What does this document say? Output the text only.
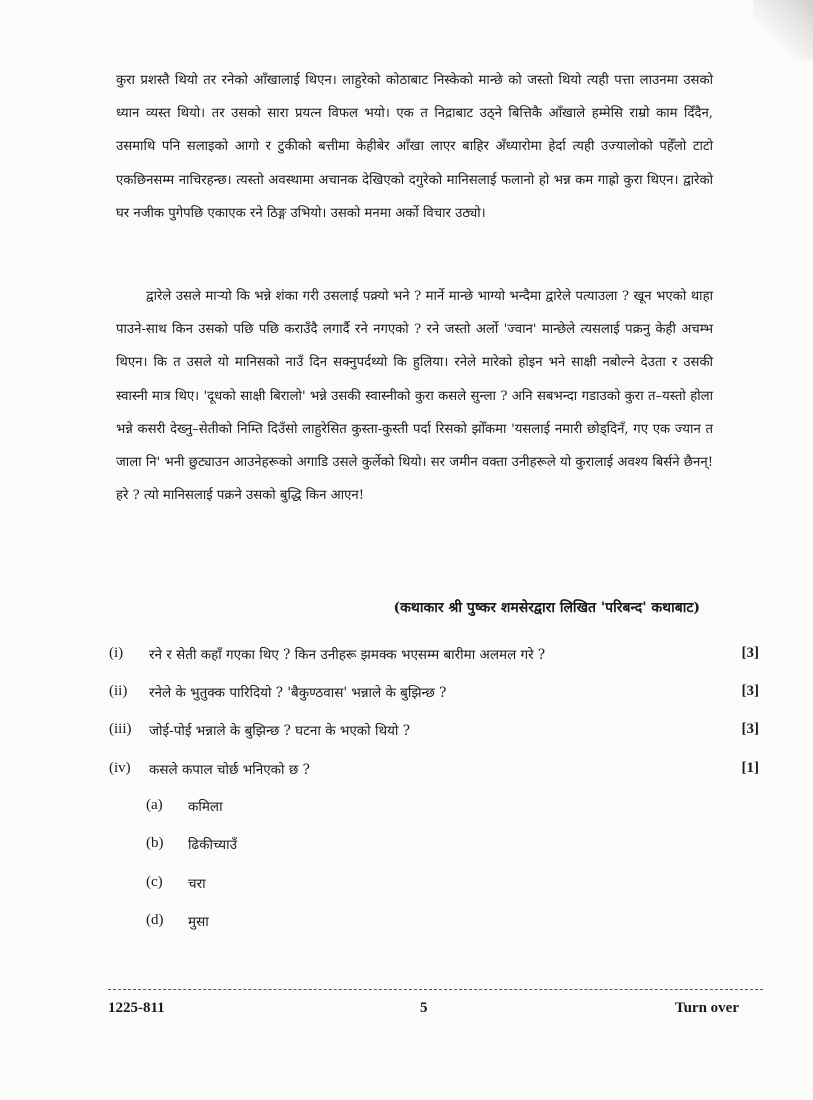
कुरा प्रशस्तै थियो तर रनेको आँखालाई थिएन। लाहुरेको कोठाबाट निस्केको मान्छे को जस्तो थियो त्यही पत्ता लाउनमा उसको ध्यान व्यस्त थियो। तर उसको सारा प्रयत्न विफल भयो। एक त निद्राबाट उठ्ने बित्तिकै आँखाले हम्मेसि राम्रो काम दिँदैन, उसमाथि पनि सलाइको आगो र टुकीको बत्तीमा केहीबेर आँखा लाएर बाहिर अँध्यारोमा हेर्दा त्यही उज्यालोको पहेँलो टाटो एकछिनसम्म नाचिरहन्छ। त्यस्तो अवस्थामा अचानक देखिएको दगुरेको मानिसलाई फलानो हो भन्न कम गाह्रो कुरा थिएन। द्वारेको घर नजीक पुगेपछि एकाएक रने ठिङ्ग उभियो। उसको मनमा अर्को विचार उठ्यो।
द्वारेले उसले मार्‍यो कि भन्ने शंका गरी उसलाई पक्र्यो भने ? मार्ने मान्छे भाग्यो भन्दैमा द्वारेले पत्याउला ? खून भएको थाहा पाउने-साथ किन उसको पछि पछि कराउँदै लगार्दै रने नगएको ? रने जस्तो अर्लो 'ज्वान' मान्छेले त्यसलाई पक्रनु केही अचम्भ थिएन। कि त उसले यो मानिसको नाउँ दिन सक्नुपर्दथ्यो कि हुलिया। रनेले मारेको होइन भने साक्षी नबोल्ने देउता र उसकी स्वास्नी मात्र थिए। 'दूधको साक्षी बिरालो' भन्ने उसकी स्वास्नीको कुरा कसले सुन्ला ? अनि सबभन्दा गडाउको कुरा त–यस्तो होला भन्ने कसरी देख्नु–सेतीको निम्ति दिउँसो लाहुरेसित कुस्ता-कुस्ती पर्दा रिसको झोँकमा 'यसलाई नमारी छोड्दिनँ, गए एक ज्यान त जाला नि' भनी छुट्याउन आउनेहरूको अगाडि उसले कुर्लेको थियो। सर जमीन वक्ता उनीहरूले यो कुरालाई अवश्य बिर्सने छैनन्! हरे ? त्यो मानिसलाई पक्रने उसको बुद्धि किन आएन!
(कथाकार श्री पुष्कर शमसेरद्वारा लिखित 'परिबन्द' कथाबाट)
(i) रने र सेती कहाँ गएका थिए ? किन उनीहरू झमक्क भएसम्म बारीमा अलमल गरे ?	[3]
(ii) रनेले के भुतुक्क पारिदियो ? 'बैकुण्ठवास' भन्नाले के बुझिन्छ ?	[3]
(iii) जोई-पोई भन्नाले के बुझिन्छ ? घटना के भएको थियो ?	[3]
(iv) कसले कपाल चोर्छ भनिएको छ ?	[1]
(a) कमिला
(b) ढिकीच्याउँ
(c) चरा
(d) मुसा
1225-811	5	Turn over
